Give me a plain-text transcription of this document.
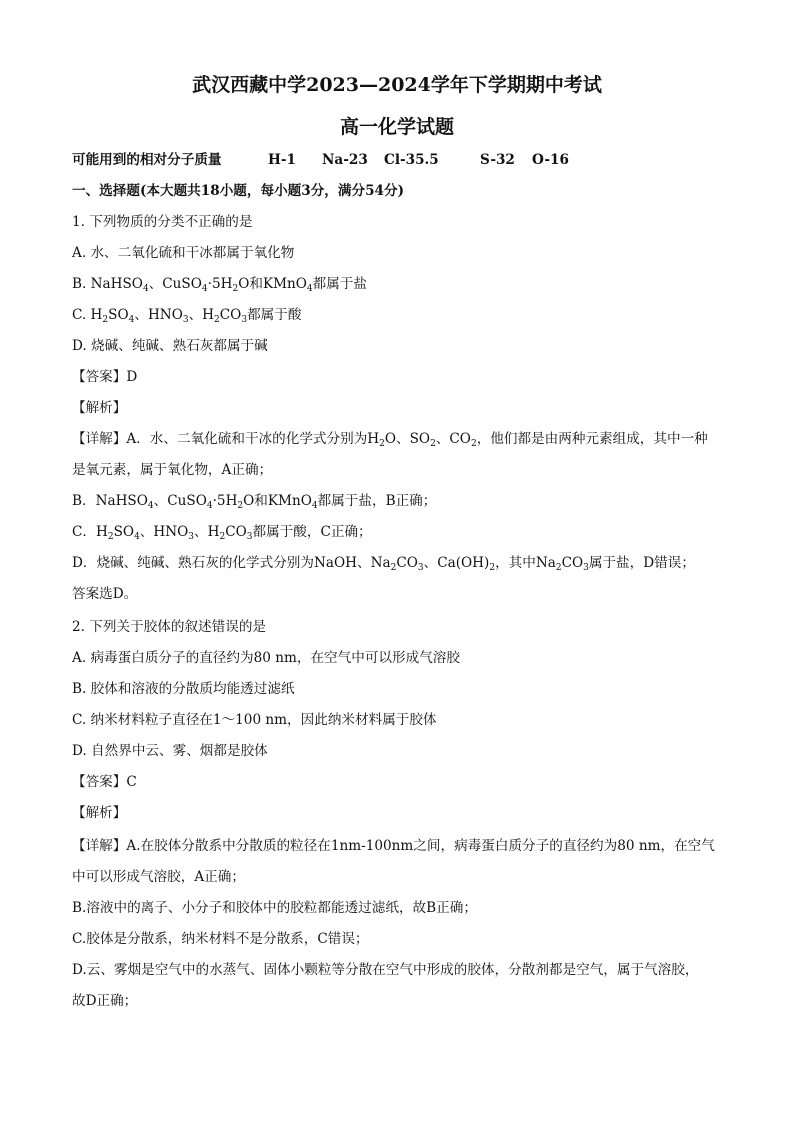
武汉西藏中学2023—2024学年下学期期中考试
高一化学试题
可能用到的相对分子质量	H-1 Na-23 Cl-35.5	S-32 O-16
一、选择题(本大题共18小题，每小题3分，满分54分)
1. 下列物质的分类不正确的是
A. 水、二氧化硫和干冰都属于氧化物
B. NaHSO$_4$、$CuSO_4\cdot 5H_2O$和KMnO$_4$都属于盐
C. $H_2SO_4$、$HNO_3$、$H_2CO_3$都属于酸
D. 烧碱、纯碱、熟石灰都属于碱
【答案】D
【解析】
【详解】A．水、二氧化硫和干冰的化学式分别为$H_2O$、$SO_2$、$CO_2$，他们都是由两种元素组成，其中一种
是氧元素，属于氧化物，A正确；
B．NaHSO$_4$、$CuSO_4\cdot 5H_2O$和KMnO$_4$都属于盐，B正确；
C．$H_2SO_4$、$HNO_3$、$H_2CO_3$都属于酸，C正确；
D．烧碱、纯碱、熟石灰的化学式分别为NaOH、$Na_2CO_3$、$Ca(OH)_2$，其中$Na_2CO_3$属于盐，D错误；
答案选D。
2. 下列关于胶体的叙述错误的是
A. 病毒蛋白质分子的直径约为80 nm，在空气中可以形成气溶胶
B. 胶体和溶液的分散质均能透过滤纸
C. 纳米材料粒子直径在1～100 nm，因此纳米材料属于胶体
D. 自然界中云、雾、烟都是胶体
【答案】C
【解析】
【详解】A.在胶体分散系中分散质的粒径在1nm-100nm之间，病毒蛋白质分子的直径约为80 nm，在空气
中可以形成气溶胶，A正确；
B.溶液中的离子、小分子和胶体中的胶粒都能透过滤纸，故B正确；
C.胶体是分散系，纳米材料不是分散系，C错误；
D.云、雾烟是空气中的水蒸气、固体小颗粒等分散在空气中形成的胶体，分散剂都是空气，属于气溶胶，
故D正确；
